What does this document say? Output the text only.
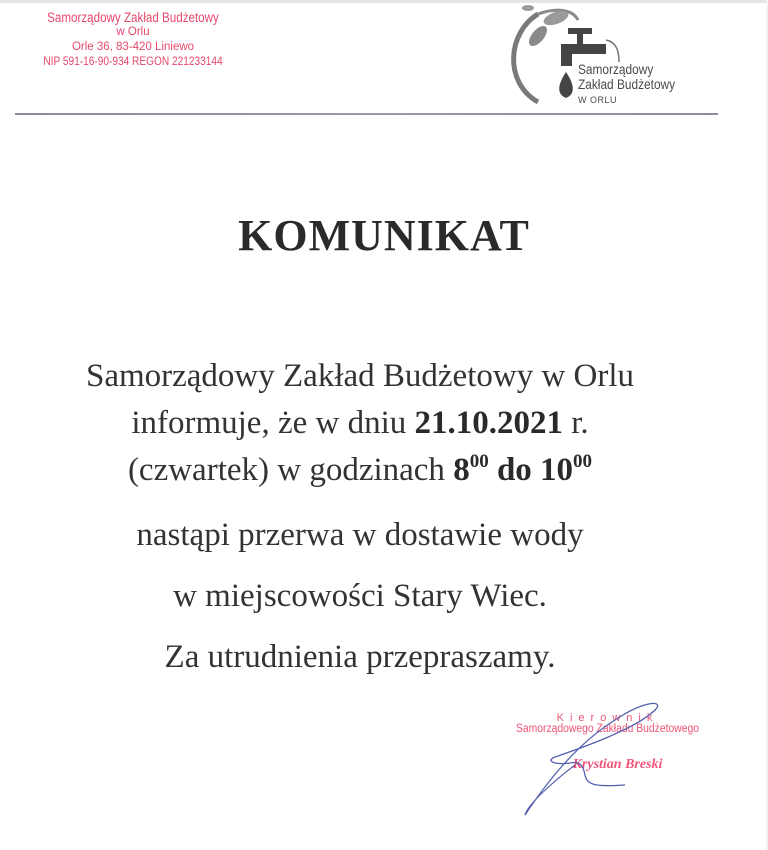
Samorządowy Zakład Budżetowy
w Orlu
Orle 36, 83-420 Liniewo
NIP 591-16-90-934 REGON 221233144	Samorządowy
Zakład Budżetowy
W ORLU
KOMUNIKAT
Samorządowy Zakład Budżetowy w Orlu
informuje, że w dniu 21.10.2021 r.
(czwartek) w godzinach $8^{00}$ do $10^{00}$
nastąpi przerwa w dostawie wody
w miejscowości Stary Wiec.
Za utrudnienia przepraszamy.
Kierownik
Samorządowego Zakładu Budżetowego
Krystian Breski
